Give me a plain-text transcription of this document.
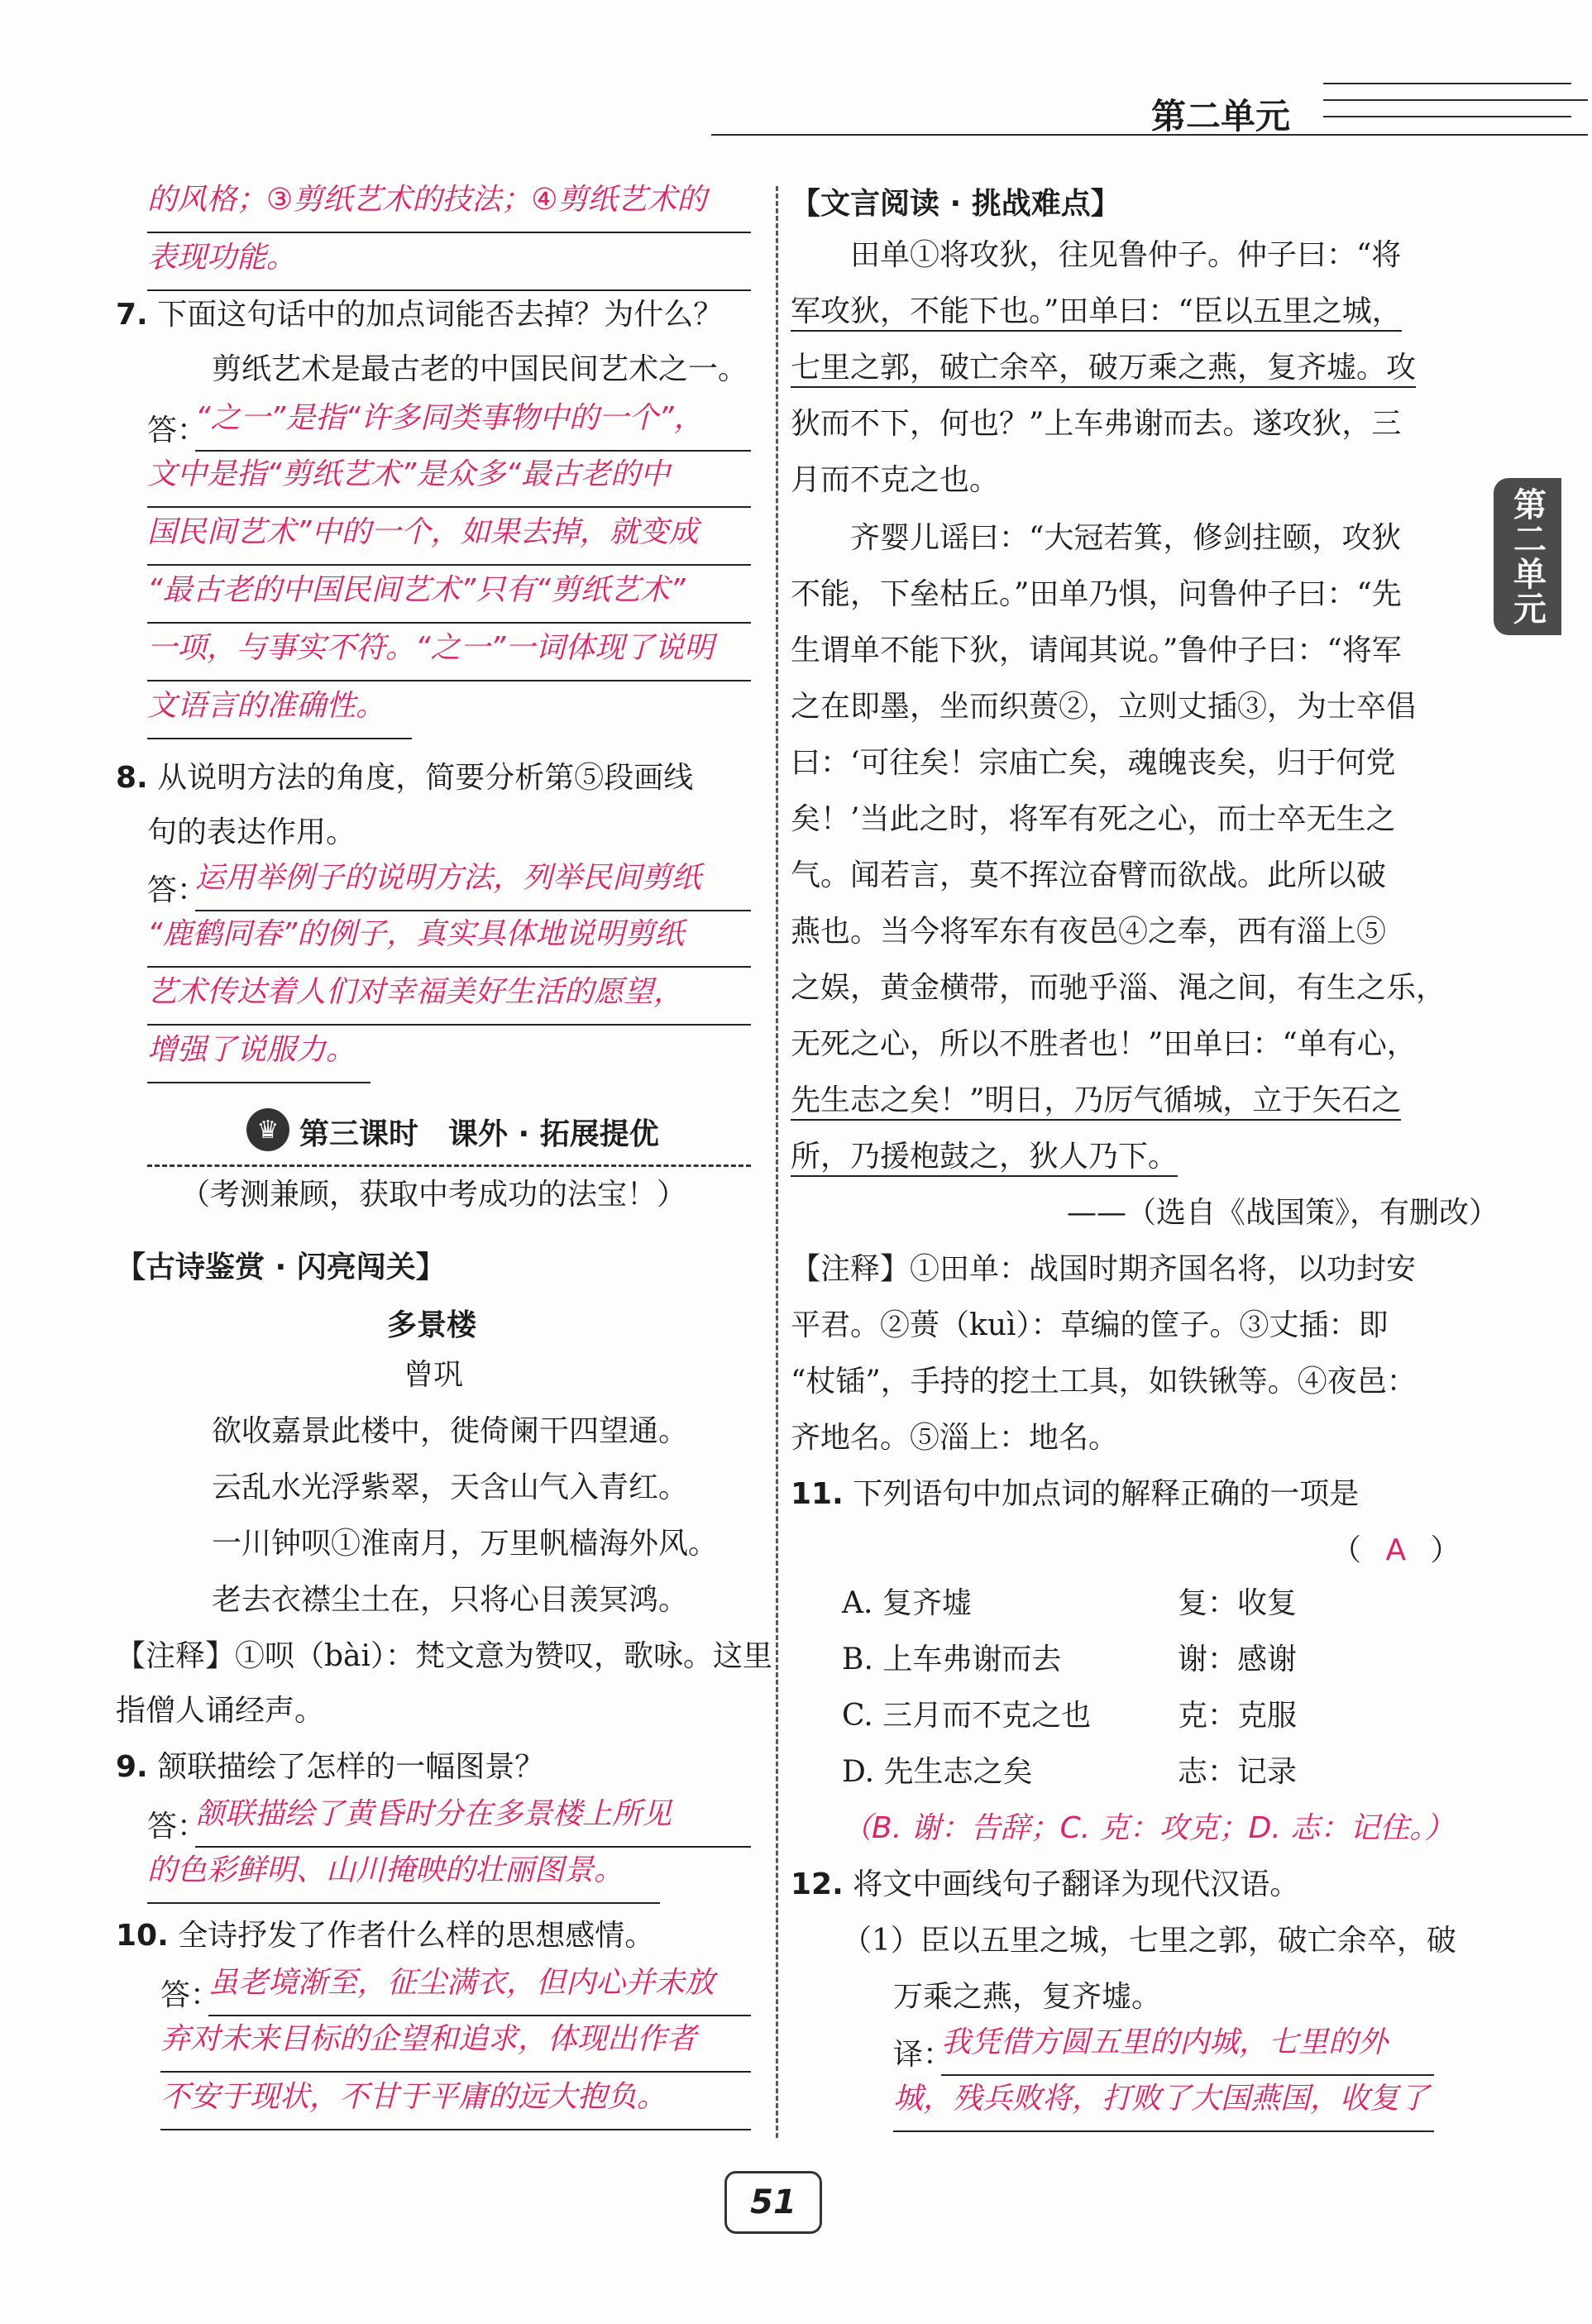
第二单元
第二单元
的风格；③剪纸艺术的技法；④剪纸艺术的
表现功能。
7. 下面这句话中的加点词能否去掉？为什么？
剪纸艺术是最古老的中国民间艺术之一。
答：
“之一”是指“许多同类事物中的一个”，
文中是指“剪纸艺术”是众多“最古老的中
国民间艺术”中的一个，如果去掉，就变成
“最古老的中国民间艺术”只有“剪纸艺术”
一项，与事实不符。“之一”一词体现了说明
文语言的准确性。
8. 从说明方法的角度，简要分析第⑤段画线
句的表达作用。
答：
运用举例子的说明方法，列举民间剪纸
“鹿鹤同春”的例子，真实具体地说明剪纸
艺术传达着人们对幸福美好生活的愿望，
增强了说服力。
♛ 第三课时　课外 · 拓展提优
（考测兼顾，获取中考成功的法宝！）
【古诗鉴赏 · 闪亮闯关】
多景楼
曾巩
欲收嘉景此楼中，徙倚阑干四望通。
云乱水光浮紫翠，天含山气入青红。
一川钟呗①淮南月，万里帆樯海外风。
老去衣襟尘土在，只将心目羡冥鸿。
【注释】①呗（bài）：梵文意为赞叹，歌咏。这里
指僧人诵经声。
9. 颔联描绘了怎样的一幅图景？
答：
颔联描绘了黄昏时分在多景楼上所见
的色彩鲜明、山川掩映的壮丽图景。
10. 全诗抒发了作者什么样的思想感情。
答：
虽老境渐至，征尘满衣，但内心并未放
弃对未来目标的企望和追求，体现出作者
不安于现状，不甘于平庸的远大抱负。
【文言阅读 · 挑战难点】
　　田单①将攻狄，往见鲁仲子。仲子曰：“将
军攻狄，不能下也。”田单曰：“臣以五里之城，
七里之郭，破亡余卒，破万乘之燕，复齐墟。攻
狄而不下，何也？”上车弗谢而去。遂攻狄，三
月而不克之也。
　　齐婴儿谣曰：“大冠若箕，修剑拄颐，攻狄
不能，下垒枯丘。”田单乃惧，问鲁仲子曰：“先
生谓单不能下狄，请闻其说。”鲁仲子曰：“将军
之在即墨，坐而织蒉②，立则丈插③，为士卒倡
曰：‘可往矣！宗庙亡矣，魂魄丧矣，归于何党
矣！’当此之时，将军有死之心，而士卒无生之
气。闻若言，莫不挥泣奋臂而欲战。此所以破
燕也。当今将军东有夜邑④之奉，西有淄上⑤
之娱，黄金横带，而驰乎淄、渑之间，有生之乐，
无死之心，所以不胜者也！”田单曰：“单有心，
先生志之矣！”明日，乃厉气循城，立于矢石之
所，乃援枹鼓之，狄人乃下。
——（选自《战国策》，有删改）
【注释】①田单：战国时期齐国名将，以功封安
平君。②蒉（kuì）：草编的筐子。③丈插：即
“杖锸”，手持的挖土工具，如铁锹等。④夜邑：
齐地名。⑤淄上：地名。
11. 下列语句中加点词的解释正确的一项是
（ A ）
A. 复齐墟	复：收复
B. 上车弗谢而去	谢：感谢
C. 三月而不克之也	克：克服
D. 先生志之矣	志：记录
（B. 谢：告辞；C. 克：攻克；D. 志：记住。）
12. 将文中画线句子翻译为现代汉语。
（1）臣以五里之城，七里之郭，破亡余卒，破
万乘之燕，复齐墟。
译：
我凭借方圆五里的内城，七里的外
城，残兵败将，打败了大国燕国，收复了
51
